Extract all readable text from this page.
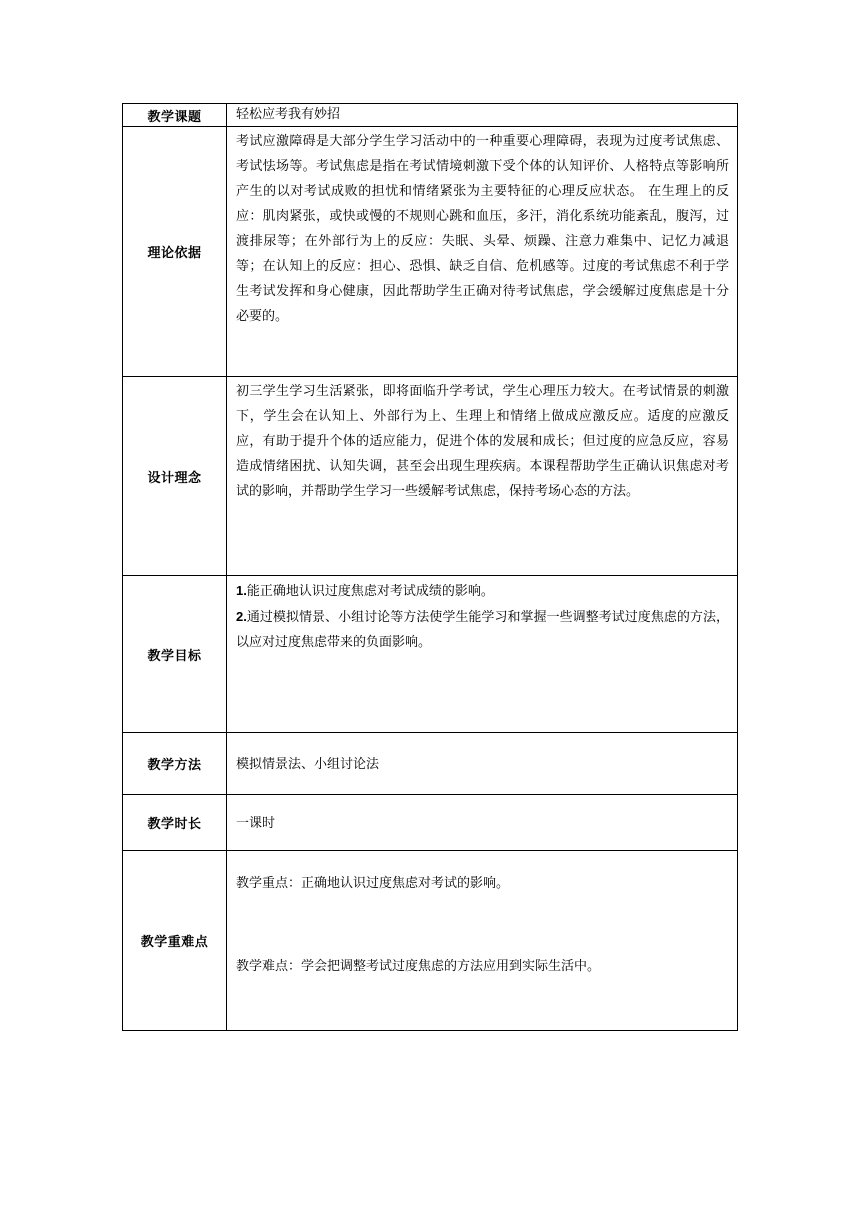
教学课题	轻松应考我有妙招
理论依据	考试应激障碍是大部分学生学习活动中的一种重要心理障碍，表现为过度考试焦虑、考试怯场等。考试焦虑是指在考试情境刺激下受个体的认知评价、人格特点等影响所产生的以对考试成败的担忧和情绪紧张为主要特征的心理反应状态。 在生理上的反应：肌肉紧张，或快或慢的不规则心跳和血压，多汗，消化系统功能紊乱，腹泻，过渡排尿等；在外部行为上的反应：失眠、头晕、烦躁、注意力难集中、记忆力减退等；在认知上的反应：担心、恐惧、缺乏自信、危机感等。过度的考试焦虑不利于学生考试发挥和身心健康，因此帮助学生正确对待考试焦虑，学会缓解过度焦虑是十分必要的。
设计理念	初三学生学习生活紧张，即将面临升学考试，学生心理压力较大。在考试情景的刺激下，学生会在认知上、外部行为上、生理上和情绪上做成应激反应。适度的应激反应，有助于提升个体的适应能力，促进个体的发展和成长；但过度的应急反应，容易造成情绪困扰、认知失调，甚至会出现生理疾病。本课程帮助学生正确认识焦虑对考试的影响，并帮助学生学习一些缓解考试焦虑，保持考场心态的方法。
教学目标	1.能正确地认识过度焦虑对考试成绩的影响。

2.通过模拟情景、小组讨论等方法使学生能学习和掌握一些调整考试过度焦虑的方法，以应对过度焦虑带来的负面影响。

教学方法	模拟情景法、小组讨论法
教学时长	一课时
教学重难点	教学重点：正确地认识过度焦虑对考试的影响。

教学难点：学会把调整考试过度焦虑的方法应用到实际生活中。
